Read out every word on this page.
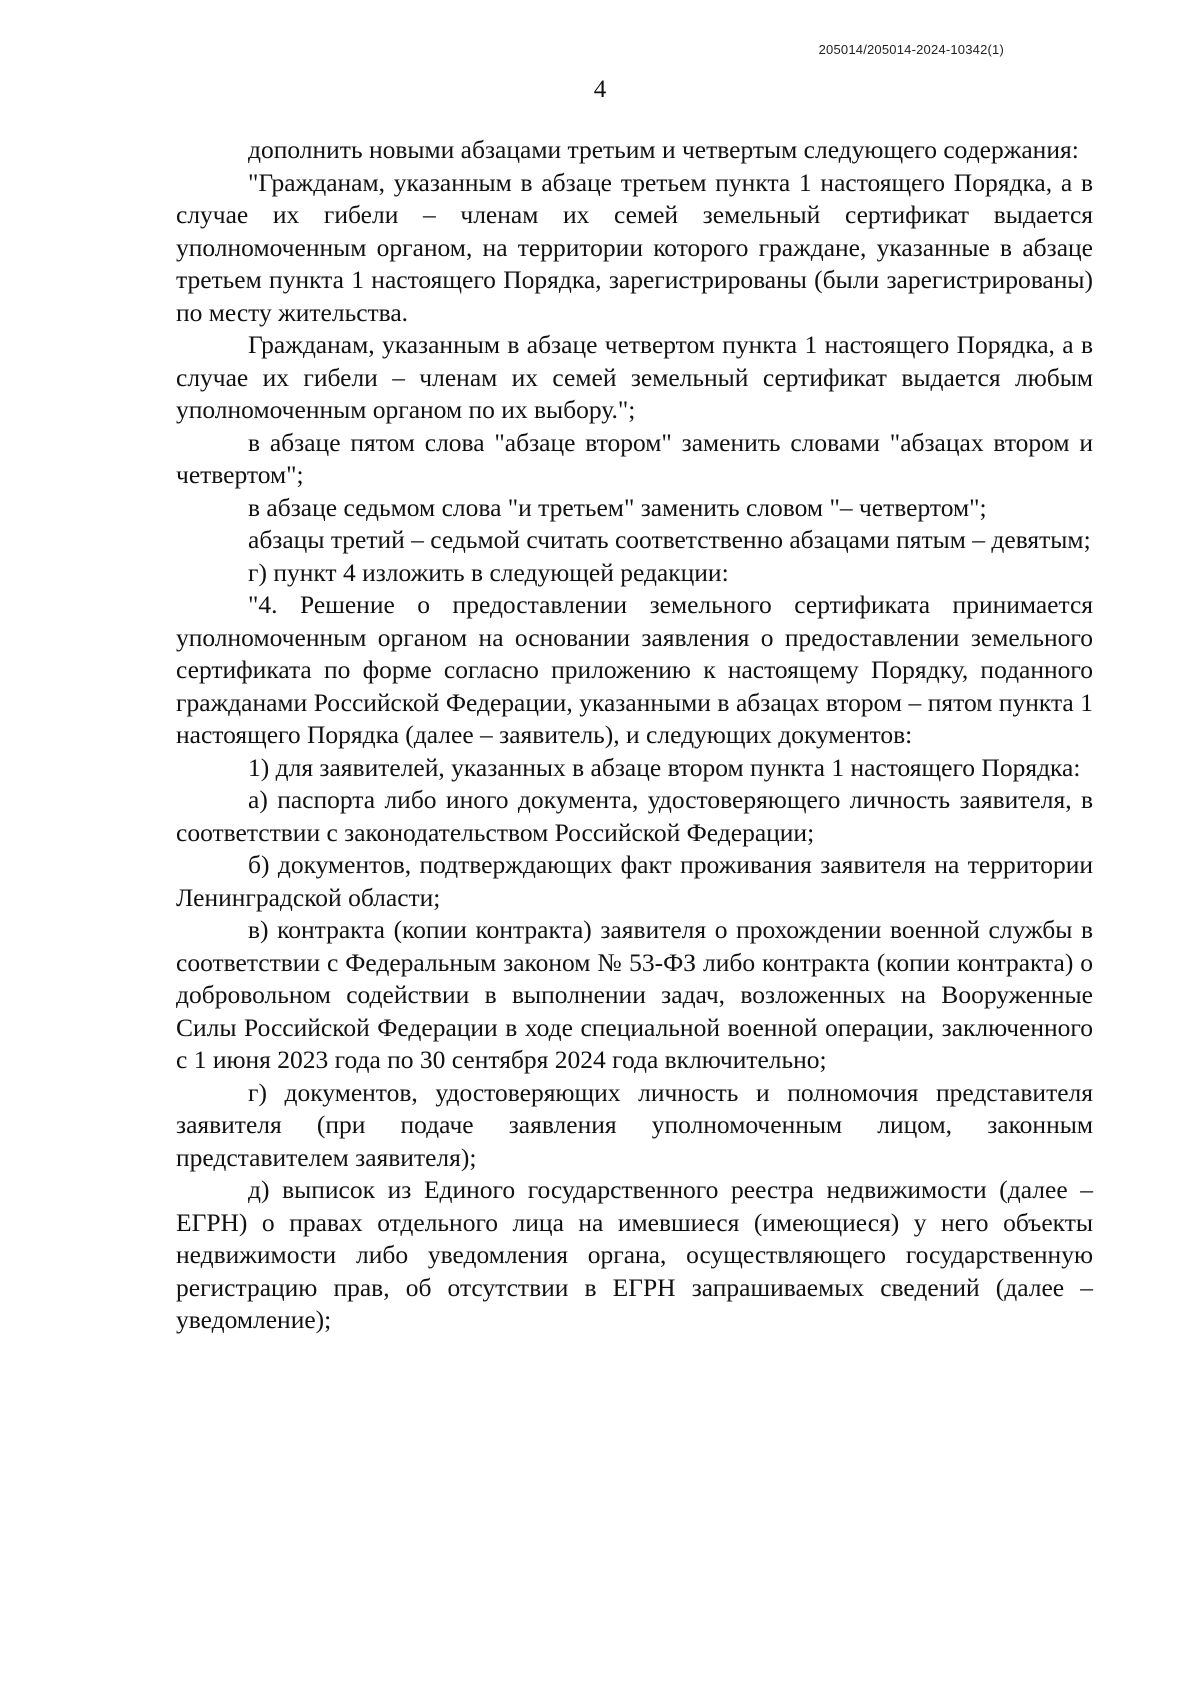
205014/205014-2024-10342(1)
4

дополнить новыми абзацами третьим и четвертым следующего содержания:

"Гражданам, указанным в абзаце третьем пункта 1 настоящего Порядка, а в случае их гибели – членам их семей земельный сертификат выдается уполномоченным органом, на территории которого граждане, указанные в абзаце третьем пункта 1 настоящего Порядка, зарегистрированы (были зарегистрированы) по месту жительства.

Гражданам, указанным в абзаце четвертом пункта 1 настоящего Порядка, а в случае их гибели – членам их семей земельный сертификат выдается любым уполномоченным органом по их выбору.";

в абзаце пятом слова "абзаце втором" заменить словами "абзацах втором и четвертом";

в абзаце седьмом слова "и третьем" заменить словом "– четвертом";

абзацы третий – седьмой считать соответственно абзацами пятым – девятым;

г) пункт 4 изложить в следующей редакции:

"4. Решение о предоставлении земельного сертификата принимается уполномоченным органом на основании заявления о предоставлении земельного сертификата по форме согласно приложению к настоящему Порядку, поданного гражданами Российской Федерации, указанными в абзацах втором – пятом пункта 1 настоящего Порядка (далее – заявитель), и следующих документов:

1) для заявителей, указанных в абзаце втором пункта 1 настоящего Порядка:

а) паспорта либо иного документа, удостоверяющего личность заявителя, в соответствии с законодательством Российской Федерации;

б) документов, подтверждающих факт проживания заявителя на территории Ленинградской области;

в) контракта (копии контракта) заявителя о прохождении военной службы в соответствии с Федеральным законом № 53-ФЗ либо контракта (копии контракта) о добровольном содействии в выполнении задач, возложенных на Вооруженные Силы Российской Федерации в ходе специальной военной операции, заключенного с 1 июня 2023 года по 30 сентября 2024 года включительно;

г) документов, удостоверяющих личность и полномочия представителя заявителя (при подаче заявления уполномоченным лицом, законным представителем заявителя);

д) выписок из Единого государственного реестра недвижимости (далее – ЕГРН) о правах отдельного лица на имевшиеся (имеющиеся) у него объекты недвижимости либо уведомления органа, осуществляющего государственную регистрацию прав, об отсутствии в ЕГРН запрашиваемых сведений (далее – уведомление);
